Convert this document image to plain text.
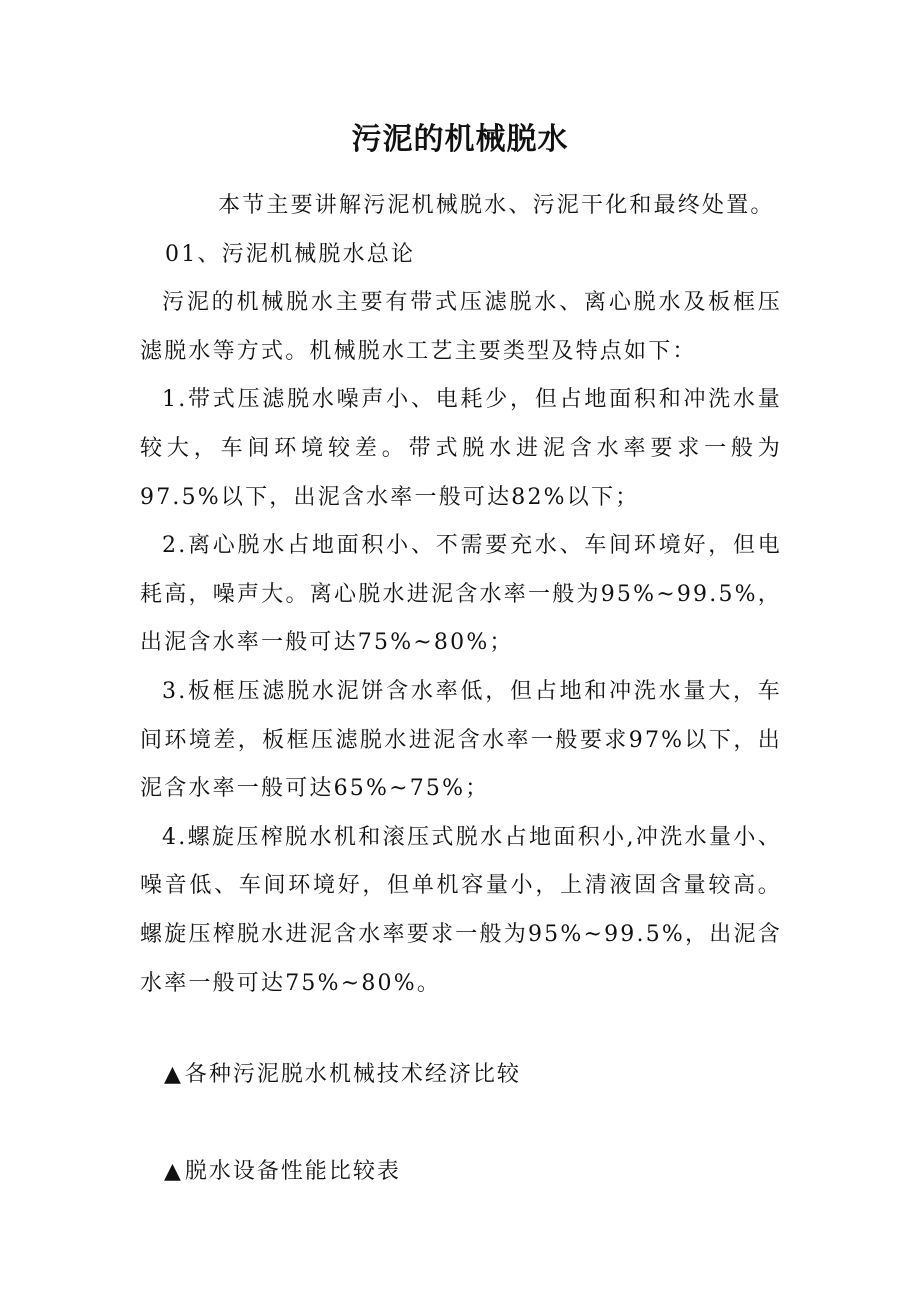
污泥的机械脱水

本节主要讲解污泥机械脱水、污泥干化和最终处置。

01、污泥机械脱水总论

污泥的机械脱水主要有带式压滤脱水、离心脱水及板框压滤脱水等方式。机械脱水工艺主要类型及特点如下：

1.带式压滤脱水噪声小、电耗少，但占地面积和冲洗水量较大，车间环境较差。带式脱水进泥含水率要求一般为97.5%以下，出泥含水率一般可达82%以下；

2.离心脱水占地面积小、不需要充水、车间环境好，但电耗高，噪声大。离心脱水进泥含水率一般为95%~99.5%，出泥含水率一般可达75%~80%；

3.板框压滤脱水泥饼含水率低，但占地和冲洗水量大，车间环境差，板框压滤脱水进泥含水率一般要求97%以下，出泥含水率一般可达65%~75%；

4.螺旋压榨脱水机和滚压式脱水占地面积小,冲洗水量小、噪音低、车间环境好，但单机容量小，上清液固含量较高。螺旋压榨脱水进泥含水率要求一般为95%~99.5%，出泥含水率一般可达75%~80%。

▲各种污泥脱水机械技术经济比较
▲脱水设备性能比较表
